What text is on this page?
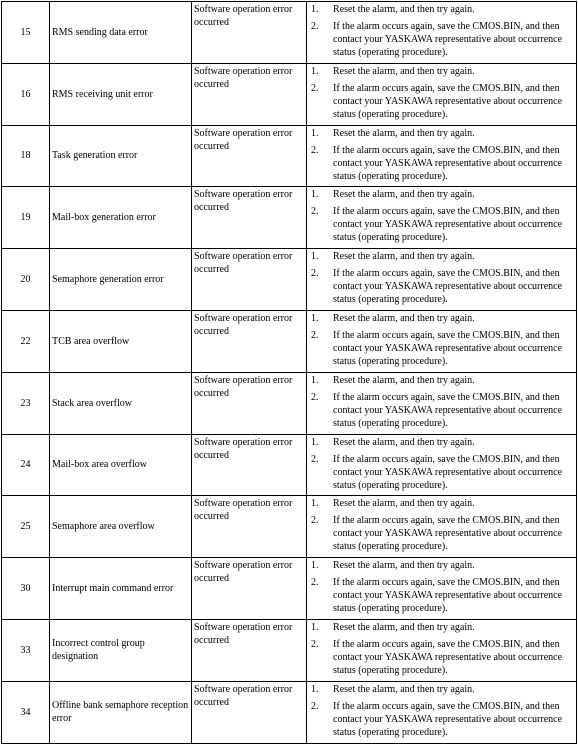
15	RMS sending data error	Software operation error occurred	1. Reset the alarm, and then try again.
2. If the alarm occurs again, save the CMOS.BIN, and then contact your YASKAWA representative about occurrence status (operating procedure).

16	RMS receiving unit error	Software operation error occurred	1. Reset the alarm, and then try again.
2. If the alarm occurs again, save the CMOS.BIN, and then contact your YASKAWA representative about occurrence status (operating procedure).

18	Task generation error	Software operation error occurred	1. Reset the alarm, and then try again.
2. If the alarm occurs again, save the CMOS.BIN, and then contact your YASKAWA representative about occurrence status (operating procedure).

19	Mail-box generation error	Software operation error occurred	1. Reset the alarm, and then try again.
2. If the alarm occurs again, save the CMOS.BIN, and then contact your YASKAWA representative about occurrence status (operating procedure).

20	Semaphore generation error	Software operation error occurred	1. Reset the alarm, and then try again.
2. If the alarm occurs again, save the CMOS.BIN, and then contact your YASKAWA representative about occurrence status (operating procedure).

22	TCB area overflow	Software operation error occurred	1. Reset the alarm, and then try again.
2. If the alarm occurs again, save the CMOS.BIN, and then contact your YASKAWA representative about occurrence status (operating procedure).

23	Stack area overflow	Software operation error occurred	1. Reset the alarm, and then try again.
2. If the alarm occurs again, save the CMOS.BIN, and then contact your YASKAWA representative about occurrence status (operating procedure).

24	Mail-box area overflow	Software operation error occurred	1. Reset the alarm, and then try again.
2. If the alarm occurs again, save the CMOS.BIN, and then contact your YASKAWA representative about occurrence status (operating procedure).

25	Semaphore area overflow	Software operation error occurred	1. Reset the alarm, and then try again.
2. If the alarm occurs again, save the CMOS.BIN, and then contact your YASKAWA representative about occurrence status (operating procedure).

30	Interrupt main command error	Software operation error occurred	1. Reset the alarm, and then try again.
2. If the alarm occurs again, save the CMOS.BIN, and then contact your YASKAWA representative about occurrence status (operating procedure).

33	Incorrect control group designation	Software operation error occurred	1. Reset the alarm, and then try again.
2. If the alarm occurs again, save the CMOS.BIN, and then contact your YASKAWA representative about occurrence status (operating procedure).

34	Offline bank semaphore reception error	Software operation error occurred	1. Reset the alarm, and then try again.
2. If the alarm occurs again, save the CMOS.BIN, and then contact your YASKAWA representative about occurrence status (operating procedure).
